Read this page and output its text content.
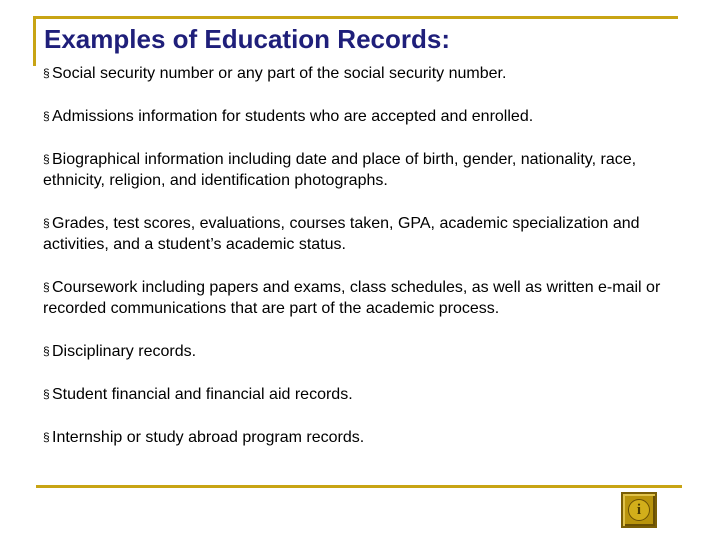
Examples of Education Records:

§ Social security number or any part of the social security number.

§ Admissions information for students who are accepted and enrolled.

§ Biographical information including date and place of birth, gender, nationality, race, ethnicity, religion, and identification photographs.

§ Grades, test scores, evaluations, courses taken, GPA, academic specialization and activities, and a student’s academic status.

§ Coursework including papers and exams, class schedules, as well as written e-mail or recorded communications that are part of the academic process.

§ Disciplinary records.

§ Student financial and financial aid records.

§ Internship or study abroad program records.

i
